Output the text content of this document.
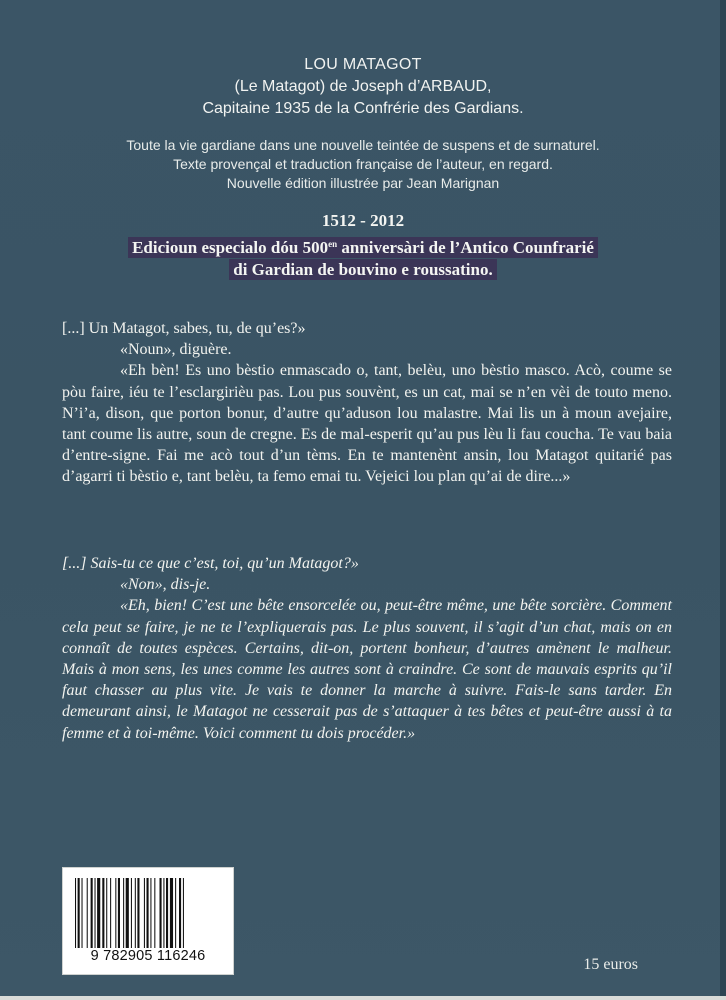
LOU MATAGOT
(Le Matagot) de Joseph d’ARBAUD,
Capitaine 1935 de la Confrérie des Gardians.
Toute la vie gardiane dans une nouvelle teintée de suspens et de surnaturel.
Texte provençal et traduction française de l’auteur, en regard.
Nouvelle édition illustrée par Jean Marignan
1512 - 2012
Edicioun especialo dóu $500^{en}$ anniversàri de l’Antico Counfrarié
di Gardian de bouvino e roussatino.

[...] Un Matagot, sabes, tu, de qu’es?»

«Noun», diguère.

«Eh bèn! Es uno bèstio enmascado o, tant, belèu, uno bèstio masco. Acò, coume se pòu faire, iéu te l’esclargirièu pas. Lou pus souvènt, es un cat, mai se n’en vèi de touto meno. N’i’a, dison, que porton bonur, d’autre qu’aduson lou malastre. Mai lis un à moun avejaire, tant coume lis autre, soun de cregne. Es de mal-esperit qu’au pus lèu li fau coucha. Te vau baia d’entre-signe. Fai me acò tout d’un tèms. En te mantenènt ansin, lou Matagot quitarié pas d’agarri ti bèstio e, tant belèu, ta femo emai tu. Vejeici lou plan qu’ai de dire...»

[...] Sais-tu ce que c’est, toi, qu’un Matagot?»

«Non», dis-je.

«Eh, bien! C’est une bête ensorcelée ou, peut-être même, une bête sorcière. Comment cela peut se faire, je ne te l’expliquerais pas. Le plus souvent, il s’agit d’un chat, mais on en connaît de toutes espèces. Certains, dit-on, portent bonheur, d’autres amènent le malheur. Mais à mon sens, les unes comme les autres sont à craindre. Ce sont de mauvais esprits qu’il faut chasser au plus vite. Je vais te donner la marche à suivre. Fais-le sans tarder. En demeurant ainsi, le Matagot ne cesserait pas de s’attaquer à tes bêtes et peut-être aussi à ta femme et à toi-même. Voici comment tu dois procéder.»

9 782905 116246	15 euros
